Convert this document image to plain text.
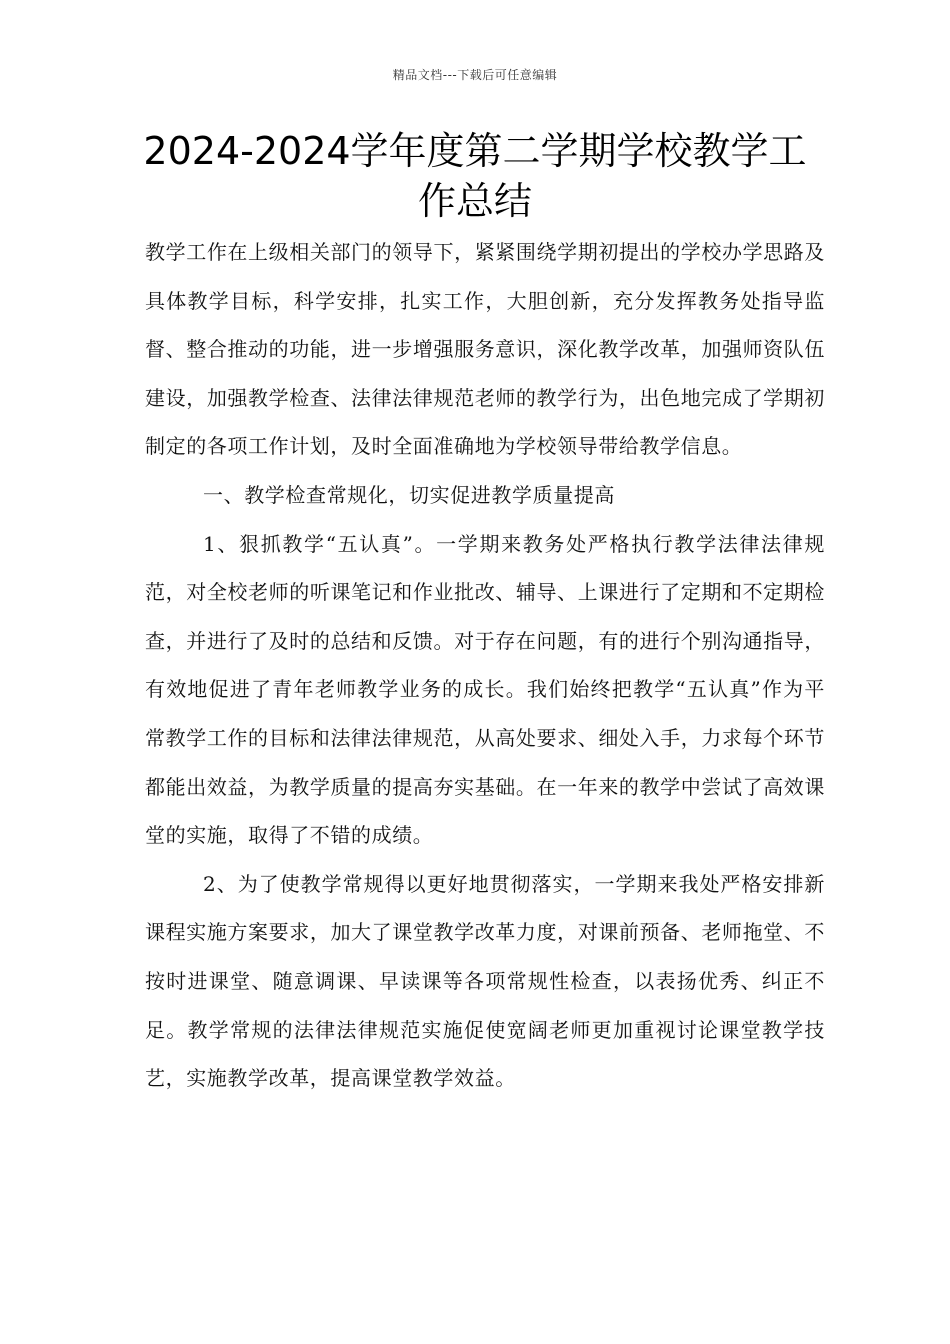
精品文档---下载后可任意编辑
2024-2024学年度第二学期学校教学工作总结

教学工作在上级相关部门的领导下，紧紧围绕学期初提出的学校办学思路及具体教学目标，科学安排，扎实工作，大胆创新，充分发挥教务处指导监督、整合推动的功能，进一步增强服务意识，深化教学改革，加强师资队伍建设，加强教学检查、法律法律规范老师的教学行为，出色地完成了学期初制定的各项工作计划，及时全面准确地为学校领导带给教学信息。

一、教学检查常规化，切实促进教学质量提高

1、狠抓教学“五认真”。一学期来教务处严格执行教学法律法律规范，对全校老师的听课笔记和作业批改、辅导、上课进行了定期和不定期检查，并进行了及时的总结和反馈。对于存在问题，有的进行个别沟通指导，有效地促进了青年老师教学业务的成长。我们始终把教学“五认真”作为平常教学工作的目标和法律法律规范，从高处要求、细处入手，力求每个环节都能出效益，为教学质量的提高夯实基础。在一年来的教学中尝试了高效课堂的实施，取得了不错的成绩。

2、为了使教学常规得以更好地贯彻落实，一学期来我处严格安排新课程实施方案要求，加大了课堂教学改革力度，对课前预备、老师拖堂、不按时进课堂、随意调课、早读课等各项常规性检查，以表扬优秀、纠正不足。教学常规的法律法律规范实施促使宽阔老师更加重视讨论课堂教学技艺，实施教学改革，提高课堂教学效益。
